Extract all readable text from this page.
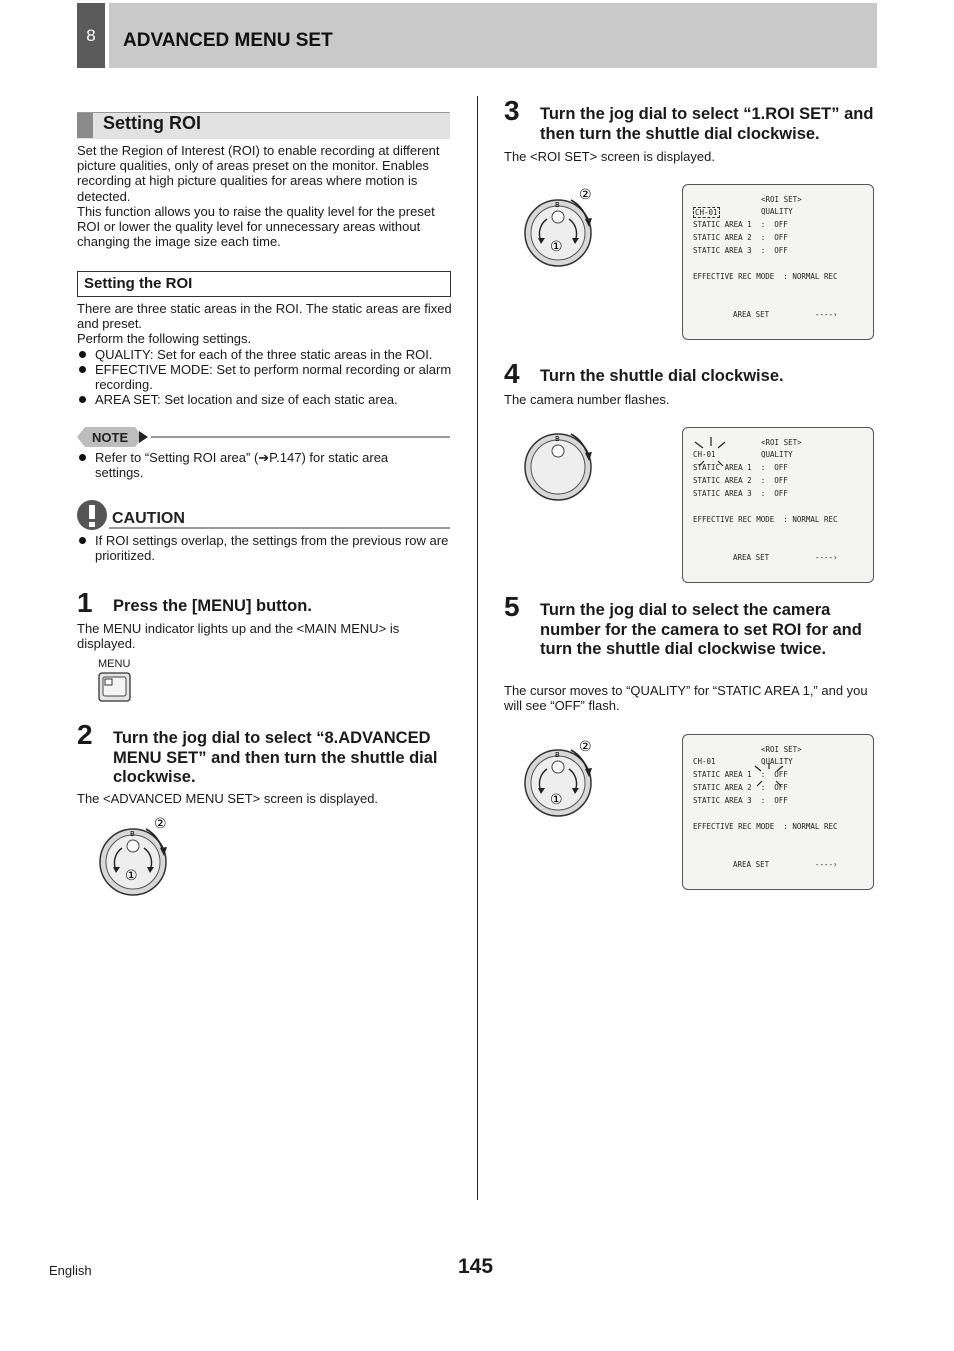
8	ADVANCED MENU SET
Setting ROI

Set the Region of Interest (ROI) to enable recording at different picture qualities, only of areas preset on the monitor. Enables recording at high picture qualities for areas where motion is detected.

This function allows you to raise the quality level for the preset ROI or lower the quality level for unnecessary areas without changing the image size each time.

Setting the ROI

There are three static areas in the ROI. The static areas are fixed and preset.

Perform the following settings.

QUALITY: Set for each of the three static areas in the ROI.
EFFECTIVE MODE: Set to perform normal recording or alarm recording.
AREA SET: Set location and size of each static area.
NOTE
Refer to “Setting ROI area” (➔P.147) for static area settings.
CAUTION
If ROI settings overlap, the settings from the previous row are prioritized.
1 Press the [MENU] button.

The MENU indicator lights up and the <MAIN MENU> is displayed.

MENU
2 Turn the jog dial to select “8.ADVANCED MENU SET” and then turn the shuttle dial clockwise.

The <ADVANCED MENU SET> screen is displayed.

B
②
①
3 Turn the jog dial to select “1.ROI SET” and then turn the shuttle dial clockwise.

The <ROI SET> screen is displayed.

B
②
①
<ROI SET>
CH-01	QUALITY
STATIC AREA 1  :  OFF
STATIC AREA 2  :  OFF
STATIC AREA 3  :  OFF
EFFECTIVE REC MODE  : NORMAL REC
AREA SET	----›
4 Turn the shuttle dial clockwise.

The camera number flashes.

B	<ROI SET>
CH-01	QUALITY
STATIC AREA 1  :  OFF
STATIC AREA 2  :  OFF
STATIC AREA 3  :  OFF
EFFECTIVE REC MODE  : NORMAL REC
AREA SET	----›
5 Turn the jog dial to select the camera number for the camera to set ROI for and turn the shuttle dial clockwise twice.

The cursor moves to “QUALITY” for “STATIC AREA 1,” and you will see “OFF” flash.

B ②
①
<ROI SET>
CH-01	QUALITY
STATIC AREA 1  :  OFF
STATIC AREA 2  :  OFF
STATIC AREA 3  :  OFF
EFFECTIVE REC MODE  : NORMAL REC
AREA SET	----›
English	145
